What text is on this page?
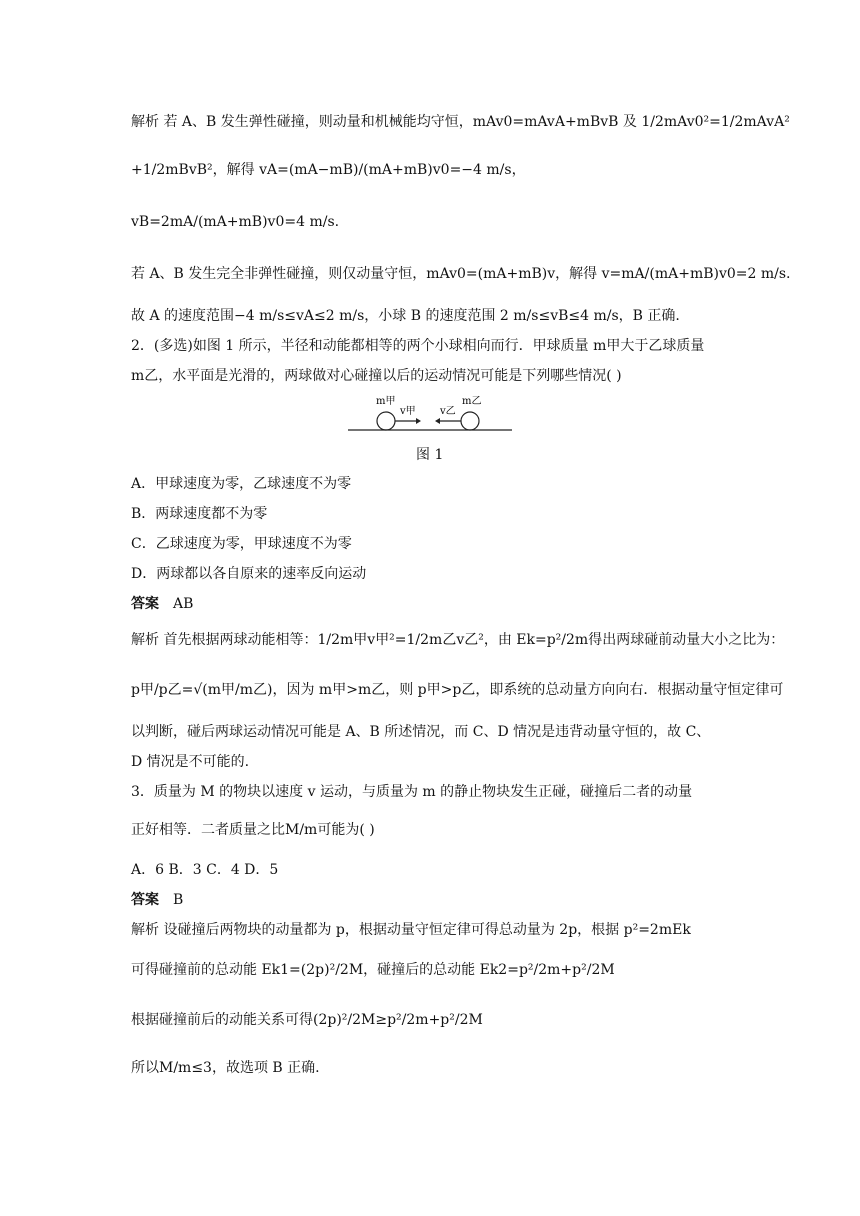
解析 若 A、B 发生弹性碰撞，则动量和机械能均守恒，mAv0=mAvA+mBvB 及 1/2mAv0²=1/2mAvA²
+1/2mBvB²，解得 vA=(mA−mB)/(mA+mB)v0=−4 m/s，
vB=2mA/(mA+mB)v0=4 m/s.
若 A、B 发生完全非弹性碰撞，则仅动量守恒，mAv0=(mA+mB)v，解得 v=mA/(mA+mB)v0=2 m/s.
故 A 的速度范围−4 m/s≤vA≤2 m/s，小球 B 的速度范围 2 m/s≤vB≤4 m/s，B 正确.
2．(多选)如图 1 所示，半径和动能都相等的两个小球相向而行．甲球质量 m甲大于乙球质量
m乙，水平面是光滑的，两球做对心碰撞以后的运动情况可能是下列哪些情况( )
m甲
v甲 v乙
m乙
图 1
A．甲球速度为零，乙球速度不为零
B．两球速度都不为零
C．乙球速度为零，甲球速度不为零
D．两球都以各自原来的速率反向运动
答案 AB
解析 首先根据两球动能相等：1/2m甲v甲²=1/2m乙v乙²，由 Ek=p²/2m得出两球碰前动量大小之比为：
p甲/p乙=√(m甲/m乙)，因为 m甲>m乙，则 p甲>p乙，即系统的总动量方向向右．根据动量守恒定律可
以判断，碰后两球运动情况可能是 A、B 所述情况，而 C、D 情况是违背动量守恒的，故 C、
D 情况是不可能的.
3．质量为 M 的物块以速度 v 运动，与质量为 m 的静止物块发生正碰，碰撞后二者的动量
正好相等．二者质量之比M/m可能为( )
A．6 B．3 C．4 D．5
答案 B
解析 设碰撞后两物块的动量都为 p，根据动量守恒定律可得总动量为 2p，根据 p²=2mEk
可得碰撞前的总动能 Ek1=(2p)²/2M，碰撞后的总动能 Ek2=p²/2m+p²/2M
根据碰撞前后的动能关系可得(2p)²/2M≥p²/2m+p²/2M
所以M/m≤3，故选项 B 正确.
